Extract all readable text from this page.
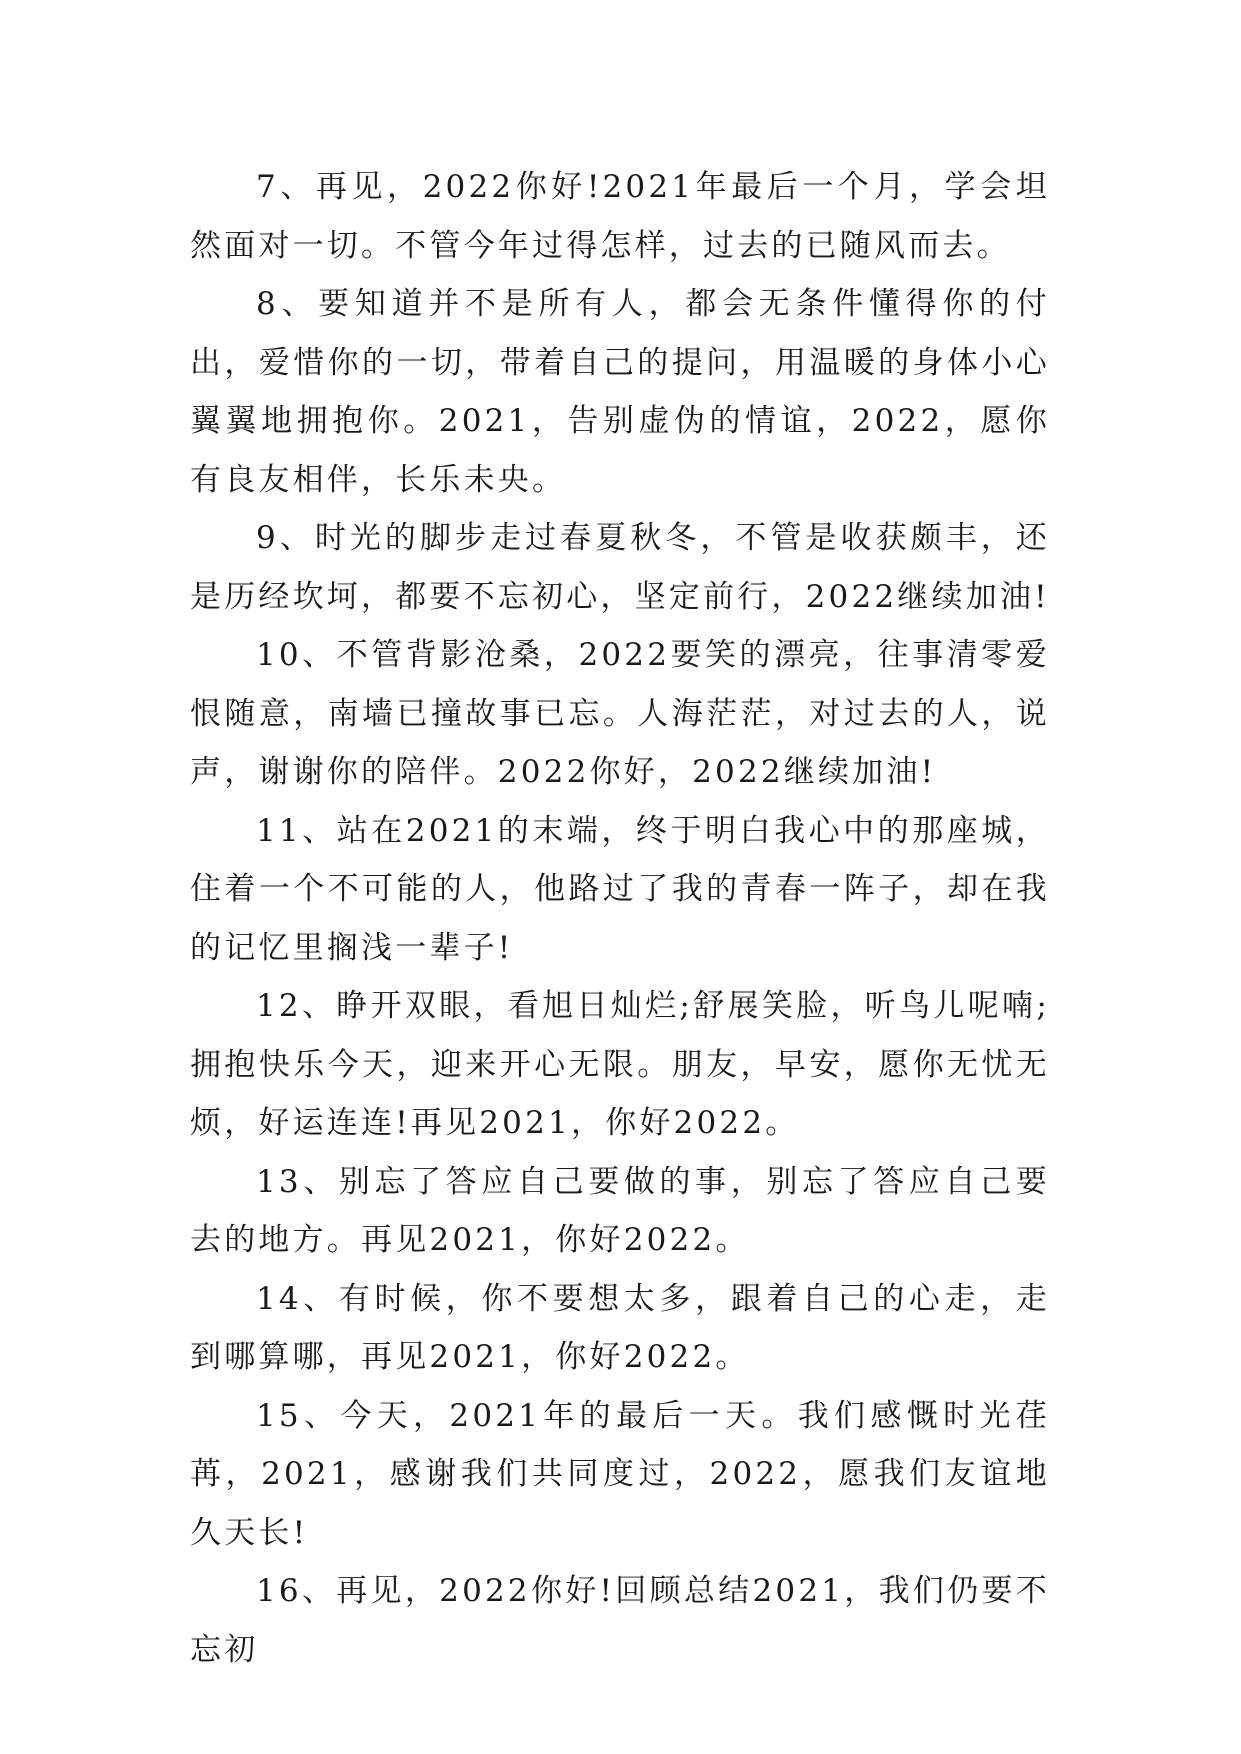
7、再见，2022你好!2021年最后一个月，学会坦然面对一切。不管今年过得怎样，过去的已随风而去。

8、要知道并不是所有人，都会无条件懂得你的付出，爱惜你的一切，带着自己的提问，用温暖的身体小心翼翼地拥抱你。2021，告别虚伪的情谊，2022，愿你有良友相伴，长乐未央。

9、时光的脚步走过春夏秋冬，不管是收获颇丰，还是历经坎坷，都要不忘初心，坚定前行，2022继续加油!

10、不管背影沧桑，2022要笑的漂亮，往事清零爱恨随意，南墙已撞故事已忘。人海茫茫，对过去的人，说声，谢谢你的陪伴。2022你好，2022继续加油!

11、站在2021的末端，终于明白我心中的那座城，住着一个不可能的人，他路过了我的青春一阵子，却在我的记忆里搁浅一辈子!

12、睁开双眼，看旭日灿烂;舒展笑脸，听鸟儿呢喃;拥抱快乐今天，迎来开心无限。朋友，早安，愿你无忧无烦，好运连连!再见2021，你好2022。

13、别忘了答应自己要做的事，别忘了答应自己要去的地方。再见2021，你好2022。

14、有时候，你不要想太多，跟着自己的心走，走到哪算哪，再见2021，你好2022。

15、今天，2021年的最后一天。我们感慨时光荏苒，2021，感谢我们共同度过，2022，愿我们友谊地久天长!

16、再见，2022你好!回顾总结2021，我们仍要不忘初
